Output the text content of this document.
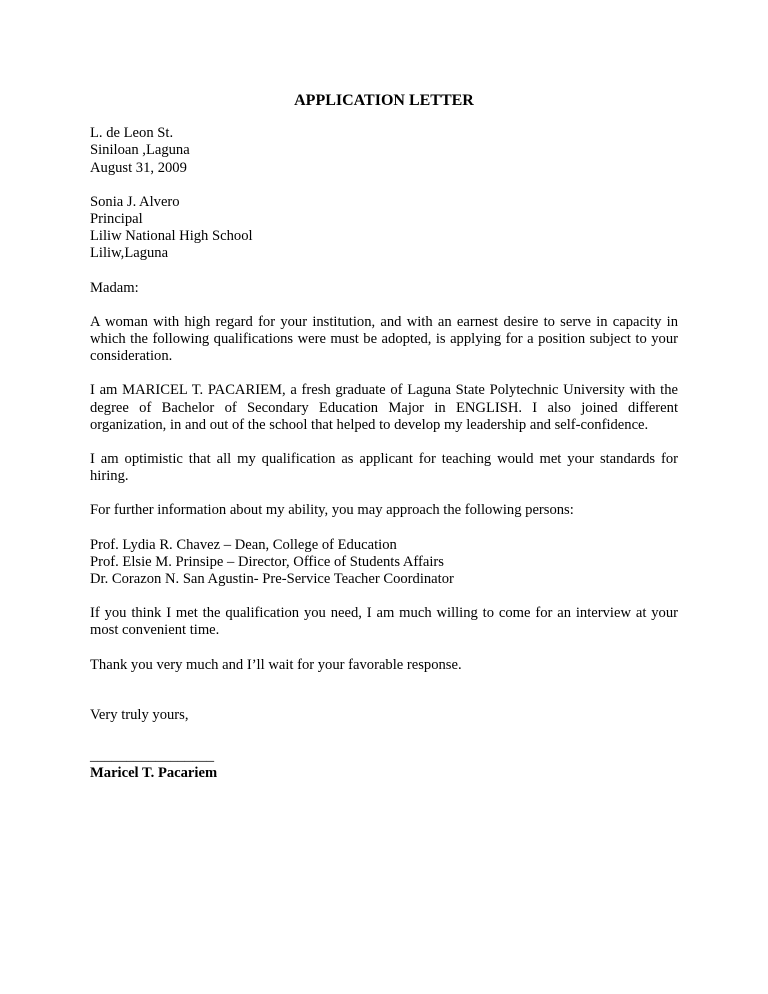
APPLICATION LETTER
L. de Leon St.
Siniloan ,Laguna
August 31, 2009
Sonia J. Alvero
Principal
Liliw National High School
Liliw,Laguna
Madam:

A woman with high regard for your institution, and with an earnest desire to serve in capacity in which the following qualifications were must be adopted, is applying for a position subject to your consideration.

I am MARICEL T. PACARIEM, a fresh graduate of Laguna State Polytechnic University with the degree of Bachelor of Secondary Education Major in ENGLISH. I also joined different organization, in and out of the school that helped to develop my leadership and self-confidence.

I am optimistic that all my qualification as applicant for teaching would met your standards for hiring.

For further information about my ability, you may approach the following persons:

Prof. Lydia R. Chavez – Dean, College of Education
Prof. Elsie M. Prinsipe – Director, Office of Students Affairs
Dr. Corazon N. San Agustin- Pre-Service Teacher Coordinator

If you think I met the qualification you need, I am much willing to come for an interview at your most convenient time.

Thank you very much and I’ll wait for your favorable response.

Very truly yours,
_________________
Maricel T. Pacariem
